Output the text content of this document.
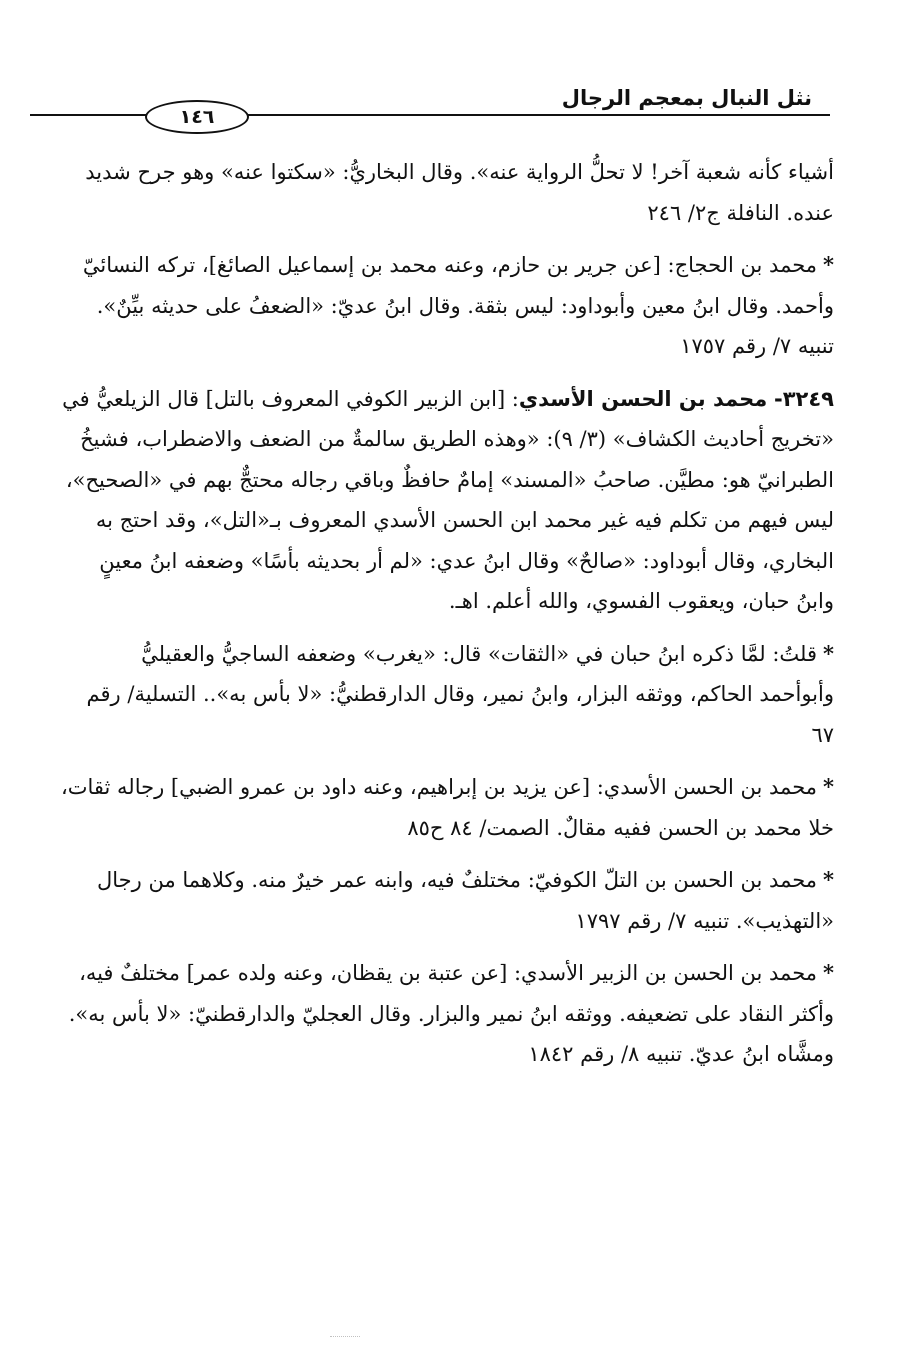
١٤٦
نثل النبال بمعجم الرجال

أشياء كأنه شعبة آخر! لا تحلُّ الرواية عنه». وقال البخاريُّ: «سكتوا عنه» وهو جرح شديد عنده. النافلة ج٢/ ٢٤٦

*محمد بن الحجاج: [عن جرير بن حازم، وعنه محمد بن إسماعيل الصائغ]، تركه النسائيّ وأحمد. وقال ابنُ معين وأبوداود: ليس بثقة. وقال ابنُ عديّ: «الضعفُ على حديثه بيِّنٌ». تنبيه ٧/ رقم ١٧٥٧

٣٢٤٩- محمد بن الحسن الأسدي: [ابن الزبير الكوفي المعروف بالتل] قال الزيلعيُّ في «تخريج أحاديث الكشاف» (٣/ ٩): «وهذه الطريق سالمةٌ من الضعف والاضطراب، فشيخُ الطبرانيّ هو: مطيَّن. صاحبُ «المسند» إمامٌ حافظٌ وباقي رجاله محتجٌّ بهم في «الصحيح»، ليس فيهم من تكلم فيه غير محمد ابن الحسن الأسدي المعروف بـ«التل»، وقد احتج به البخاري، وقال أبوداود: «صالحٌ» وقال ابنُ عدي: «لم أر بحديثه بأسًا» وضعفه ابنُ معينٍ وابنُ حبان، ويعقوب الفسوي، والله أعلم. اهـ.

*قلتُ: لمَّا ذكره ابنُ حبان في «الثقات» قال: «يغرب» وضعفه الساجيُّ والعقيليُّ وأبوأحمد الحاكم، ووثقه البزار، وابنُ نمير، وقال الدارقطنيُّ: «لا بأس به».. التسلية/ رقم ٦٧

*محمد بن الحسن الأسدي: [عن يزيد بن إبراهيم، وعنه داود بن عمرو الضبي] رجاله ثقات، خلا محمد بن الحسن ففيه مقالٌ. الصمت/ ٨٤ ح٨٥

*محمد بن الحسن بن التلّ الكوفيّ: مختلفٌ فيه، وابنه عمر خيرٌ منه. وكلاهما من رجال «التهذيب». تنبيه ٧/ رقم ١٧٩٧

*محمد بن الحسن بن الزبير الأسدي: [عن عتبة بن يقظان، وعنه ولده عمر] مختلفٌ فيه، وأكثر النقاد على تضعيفه. ووثقه ابنُ نمير والبزار. وقال العجليّ والدارقطنيّ: «لا بأس به». ومشَّاه ابنُ عديّ. تنبيه ٨/ رقم ١٨٤٢
